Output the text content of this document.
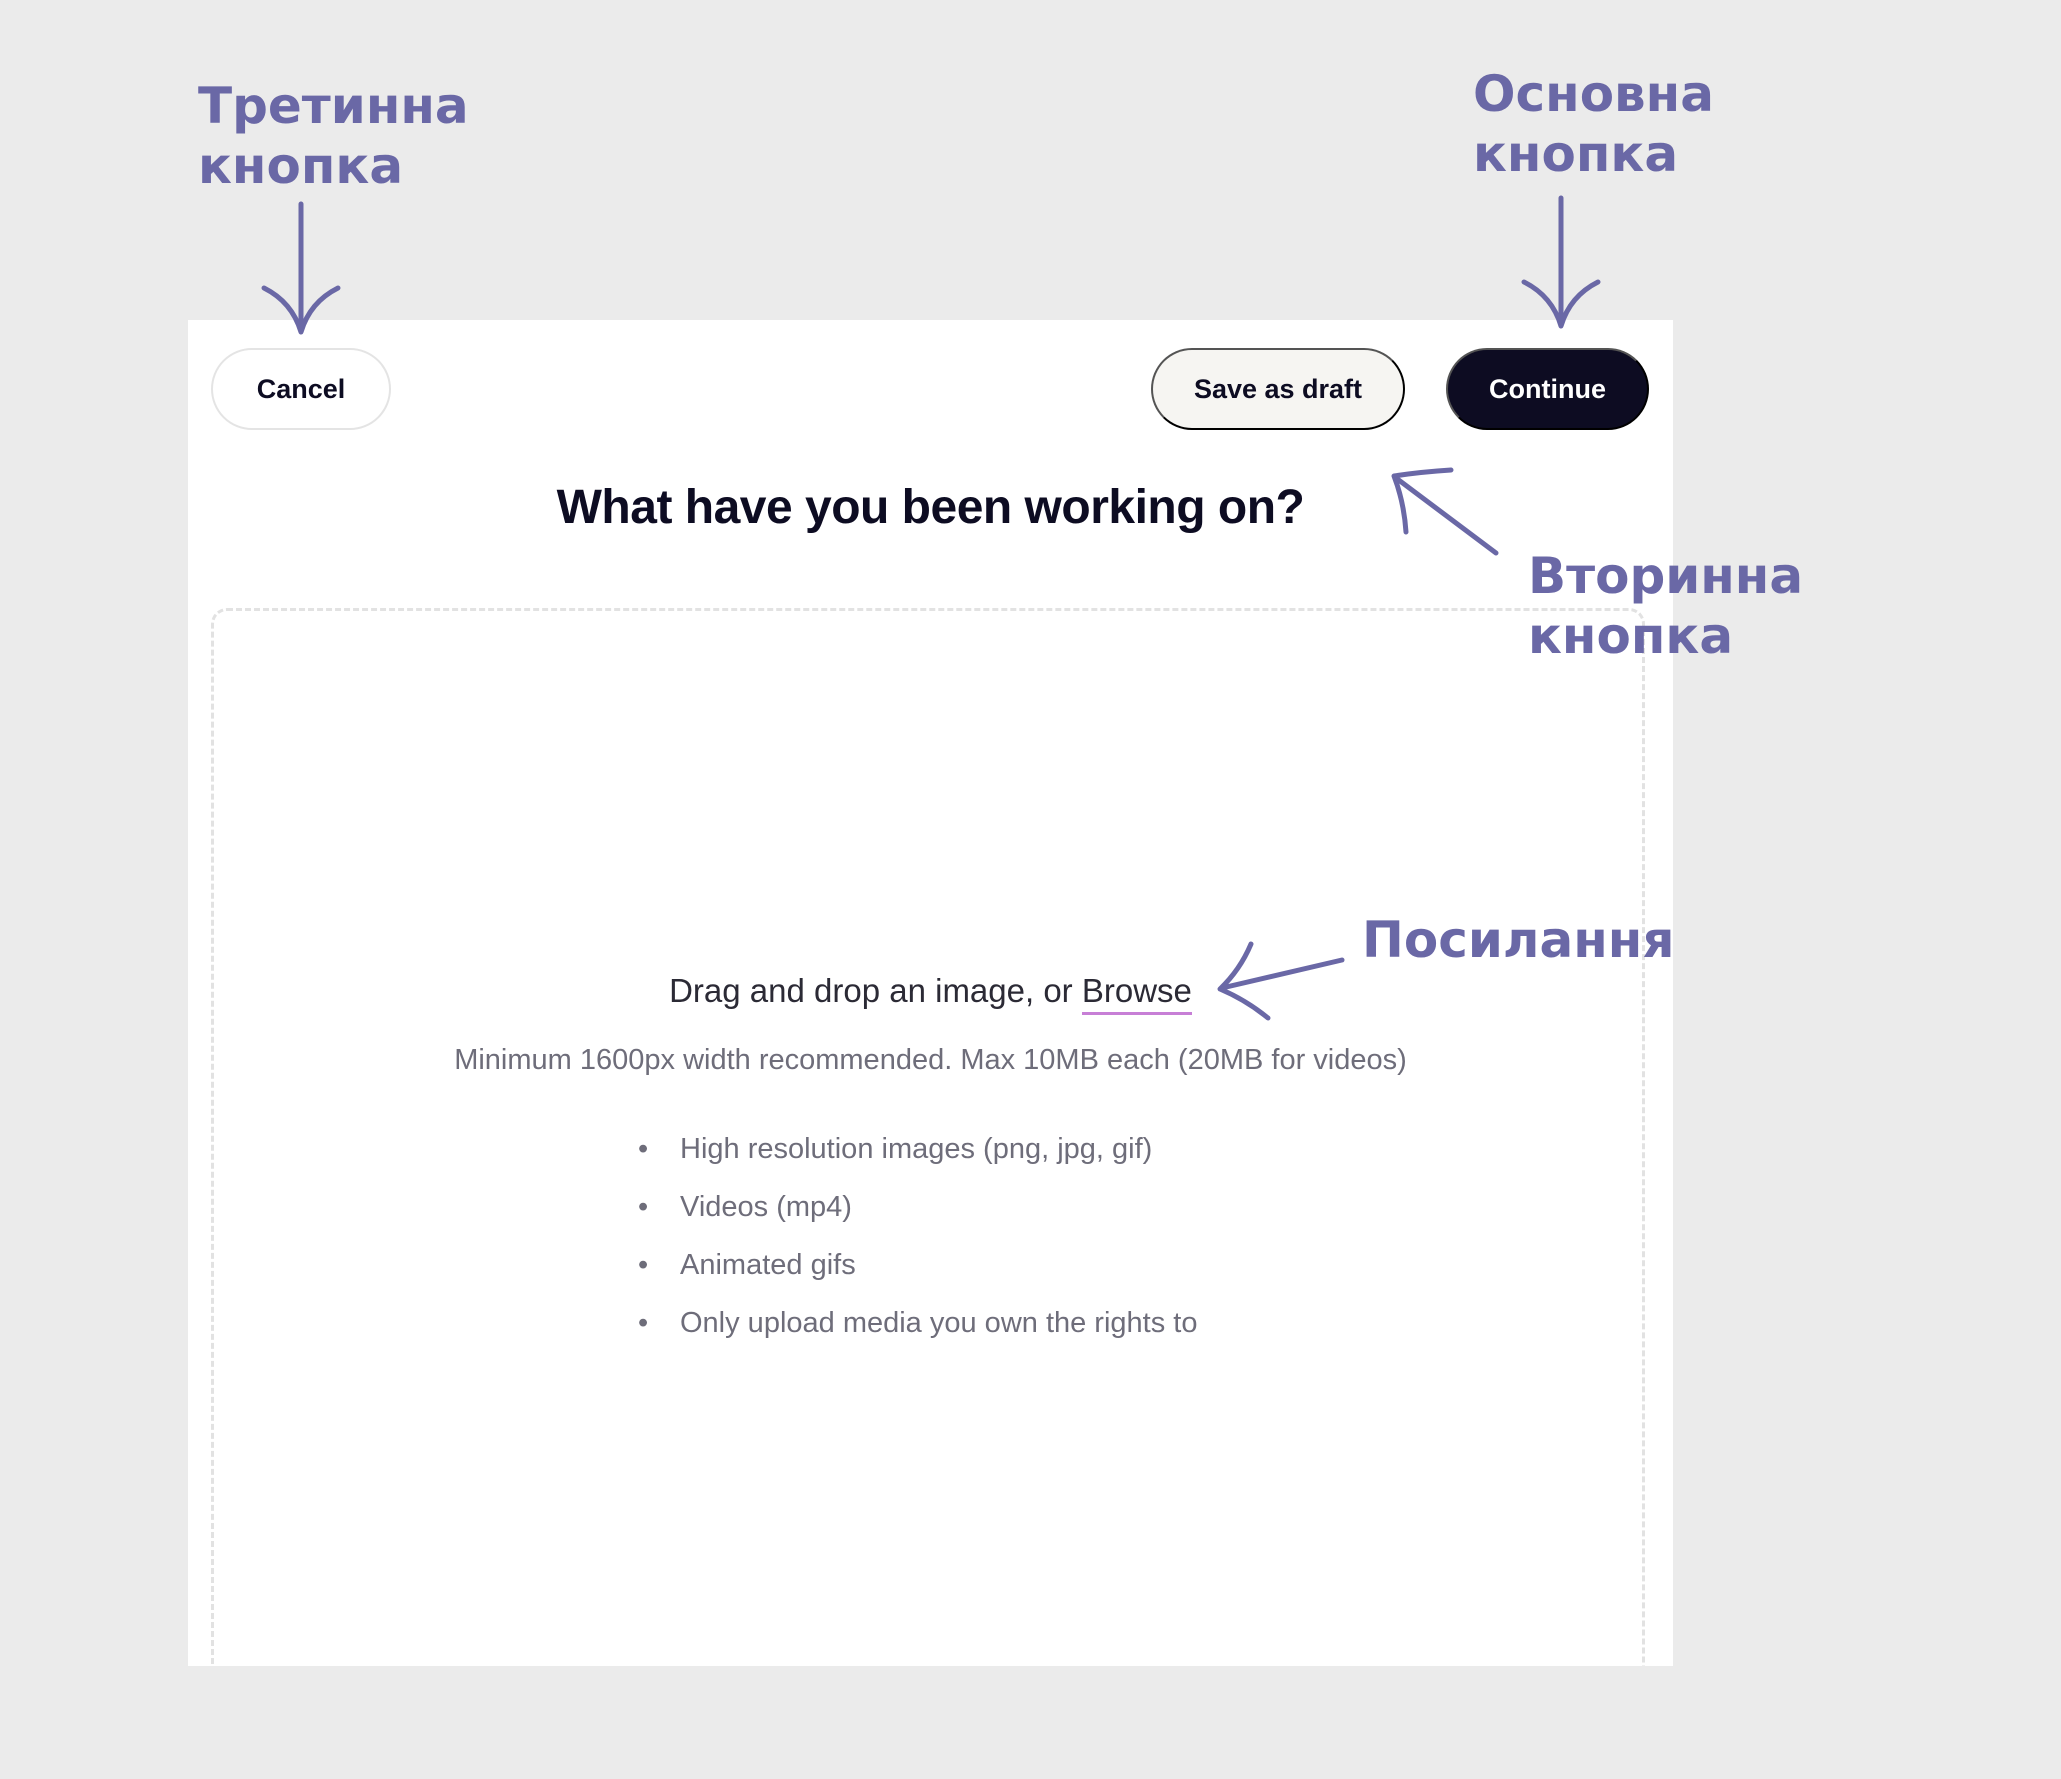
Cancel	Save as draft	Continue
What have you been working on?
Drag and drop an image, or Browse
Minimum 1600px width recommended. Max 10MB each (20MB for videos)
•	High resolution images (png, jpg, gif)
•	Videos (mp4)
•	Animated gifs
•	Only upload media you own the rights to
Третинна
кнопка
Основна
кнопка
Вторинна
кнопка
Посилання
